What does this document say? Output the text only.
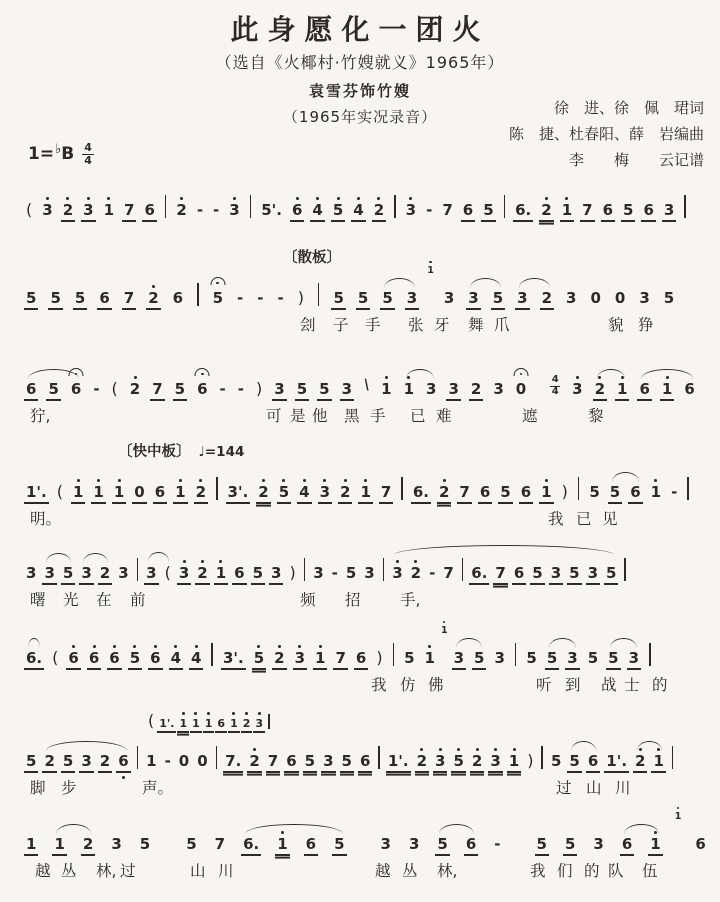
此身愿化一团火
（选自《火椰村·竹嫂就义》1965年）
袁雪芬饰竹嫂
（1965年实况录音）	徐　进、徐　佩　珺词
陈　捷、杜春阳、薛　岩编曲
李　　梅　　云记谱
1= ♭ B 4
4
( 3 2 3 1 7 6 2 - - 3 5'. 6 4 5 4 2 3 - 7 6 5 6. 2 1 7 6 5 6 3
〔散板〕
5 5 5 6 7 2 6 5 - - - ) 5 5 5 3
1
3 3 5 3 2 3 0 0 3 5
刽 子 手 张 牙 舞 爪	貌 狰
6 5 6 - ( 2 7 5 6 - - ) 3 5 5 3 \ 1 1 3 3 2 3 $0 \frac{4}{4} 3$ 2 1 6 1 6
狞,	可 是 他 黑 手 已 难	遮	黎
〔快中板〕 ♩=144
1'. ( 1 1 1 0 6 1 2 3'. 2 5 4 3 2 1 7 6. 2 7 6 5 6 1 ) 5 5 6 1 -
明。	我 已 见
3 3 5 3 2 3 3 ( 3 2 1 6 5 3 ) 3 - 5 3 3 2 - 7 6. 7 6 5 3 5 3 5
曙 光 在 前	频 招	手,
6. ( 6 6 6 5 6 4 4 3'. 5 2 3 1 7 6 ) 5 1
1
3 5 3 5 5 3 5 5 3
我 仿 佛	听 到 战 士 的
( 1'. 1 1 1 6 1 2 3
5 2 5 3 2 6 1 - 0 0 7. 2 7 6 5 3 5 6 1'. 2 3 5 2 3 1 ) 5 5 6 1'. 2 1
脚 步	声。	过 山 川
1 1 2 3 5 5 7 6. 1 6 5 3 3 5 6 - 5 5 3 6 1
1
6
越 丛 林, 过	山 川	越 丛 林,	我 们 的 队 伍
